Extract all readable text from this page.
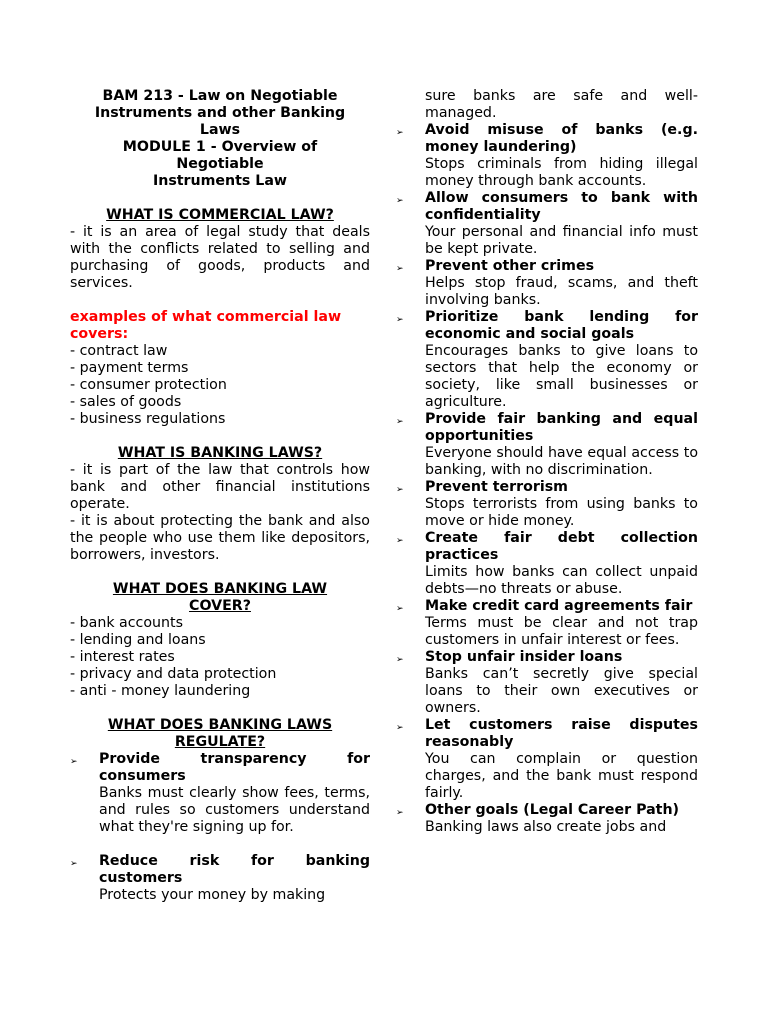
BAM 213 - Law on Negotiable
Instruments and other Banking
Laws
MODULE 1 - Overview of
Negotiable
Instruments Law
WHAT IS COMMERCIAL LAW?
- it is an area of legal study that deals with the conflicts related to selling and purchasing of goods, products and services.
examples of what commercial law covers:
- contract law
- payment terms
- consumer protection
- sales of goods
- business regulations
WHAT IS BANKING LAWS?
- it is part of the law that controls how bank and other financial institutions operate.
- it is about protecting the bank and also the people who use them like depositors, borrowers, investors.
WHAT DOES BANKING LAW
COVER?
- bank accounts
- lending and loans
- interest rates
- privacy and data protection
- anti - money laundering
WHAT DOES BANKING LAWS
REGULATE?
➢	Provide transparency for consumers
Banks must clearly show fees, terms, and rules so customers understand what they're signing up for.
➢	Reduce risk for banking customers
Protects your money by making
sure banks are safe and well-managed.
➢	Avoid misuse of banks (e.g. money laundering)
Stops criminals from hiding illegal money through bank accounts.
➢	Allow consumers to bank with confidentiality
Your personal and financial info must be kept private.
➢	Prevent other crimes
Helps stop fraud, scams, and theft involving banks.
➢	Prioritize bank lending for economic and social goals
Encourages banks to give loans to sectors that help the economy or society, like small businesses or agriculture.
➢	Provide fair banking and equal opportunities
Everyone should have equal access to banking, with no discrimination.
➢	Prevent terrorism
Stops terrorists from using banks to move or hide money.
➢	Create fair debt collection practices
Limits how banks can collect unpaid debts—no threats or abuse.
➢	Make credit card agreements fair
Terms must be clear and not trap customers in unfair interest or fees.
➢	Stop unfair insider loans
Banks can’t secretly give special loans to their own executives or owners.
➢	Let customers raise disputes reasonably
You can complain or question charges, and the bank must respond fairly.
➢	Other goals (Legal Career Path)
Banking laws also create jobs and
